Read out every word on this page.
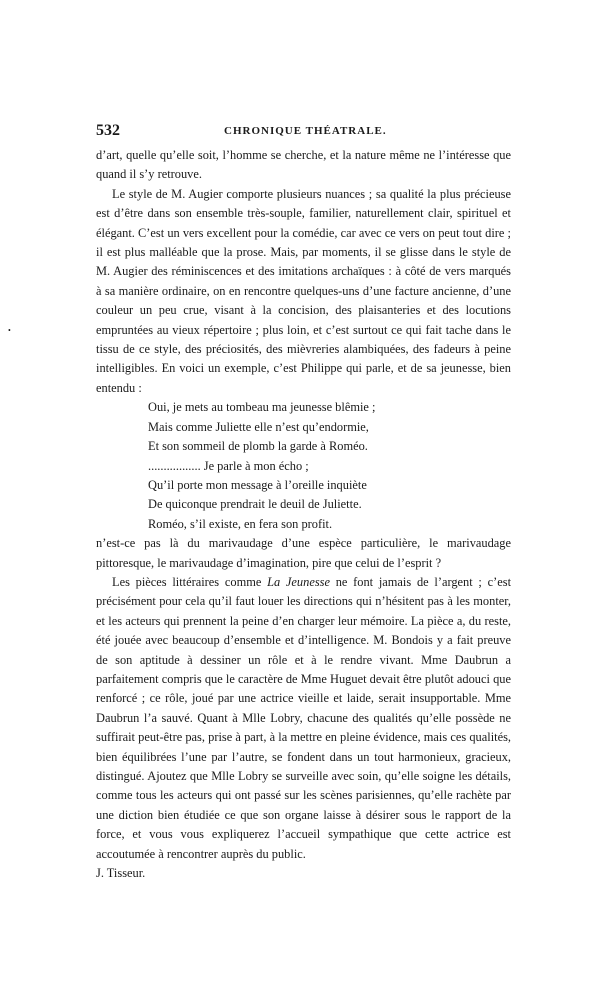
532	CHRONIQUE THÉATRALE.
•

d’art, quelle qu’elle soit, l’homme se cherche, et la nature même ne l’intéresse que quand il s’y retrouve.

Le style de M. Augier comporte plusieurs nuances ; sa qualité la plus précieuse est d’être dans son ensemble très-souple, familier, naturellement clair, spirituel et élégant. C’est un vers excellent pour la comédie, car avec ce vers on peut tout dire ; il est plus malléable que la prose. Mais, par moments, il se glisse dans le style de M. Augier des réminiscences et des imitations archaïques : à côté de vers marqués à sa manière ordinaire, on en rencontre quelques-uns d’une facture ancienne, d’une couleur un peu crue, visant à la concision, des plaisanteries et des locutions empruntées au vieux répertoire ; plus loin, et c’est surtout ce qui fait tache dans le tissu de ce style, des préciosités, des mièvreries alambiquées, des fadeurs à peine intelligibles. En voici un exemple, c’est Philippe qui parle, et de sa jeunesse, bien entendu :

Oui, je mets au tombeau ma jeunesse blêmie ;
Mais comme Juliette elle n’est qu’endormie,
Et son sommeil de plomb la garde à Roméo.
................. Je parle à mon écho ;
Qu’il porte mon message à l’oreille inquiète
De quiconque prendrait le deuil de Juliette.
Roméo, s’il existe, en fera son profit.

n’est-ce pas là du marivaudage d’une espèce particulière, le marivaudage pittoresque, le marivaudage d’imagination, pire que celui de l’esprit ?

Les pièces littéraires comme La Jeunesse ne font jamais de l’argent ; c’est précisément pour cela qu’il faut louer les directions qui n’hésitent pas à les monter, et les acteurs qui prennent la peine d’en charger leur mémoire. La pièce a, du reste, été jouée avec beaucoup d’ensemble et d’intelligence. M. Bondois y a fait preuve de son aptitude à dessiner un rôle et à le rendre vivant. Mme Daubrun a parfaitement compris que le caractère de Mme Huguet devait être plutôt adouci que renforcé ; ce rôle, joué par une actrice vieille et laide, serait insupportable. Mme Daubrun l’a sauvé. Quant à Mlle Lobry, chacune des qualités qu’elle possède ne suffirait peut-être pas, prise à part, à la mettre en pleine évidence, mais ces qualités, bien équilibrées l’une par l’autre, se fondent dans un tout harmonieux, gracieux, distingué. Ajoutez que Mlle Lobry se surveille avec soin, qu’elle soigne les détails, comme tous les acteurs qui ont passé sur les scènes parisiennes, qu’elle rachète par une diction bien étudiée ce que son organe laisse à désirer sous le rapport de la force, et vous vous expliquerez l’accueil sympathique que cette actrice est accoutumée à rencontrer auprès du public.

J. Tisseur.
